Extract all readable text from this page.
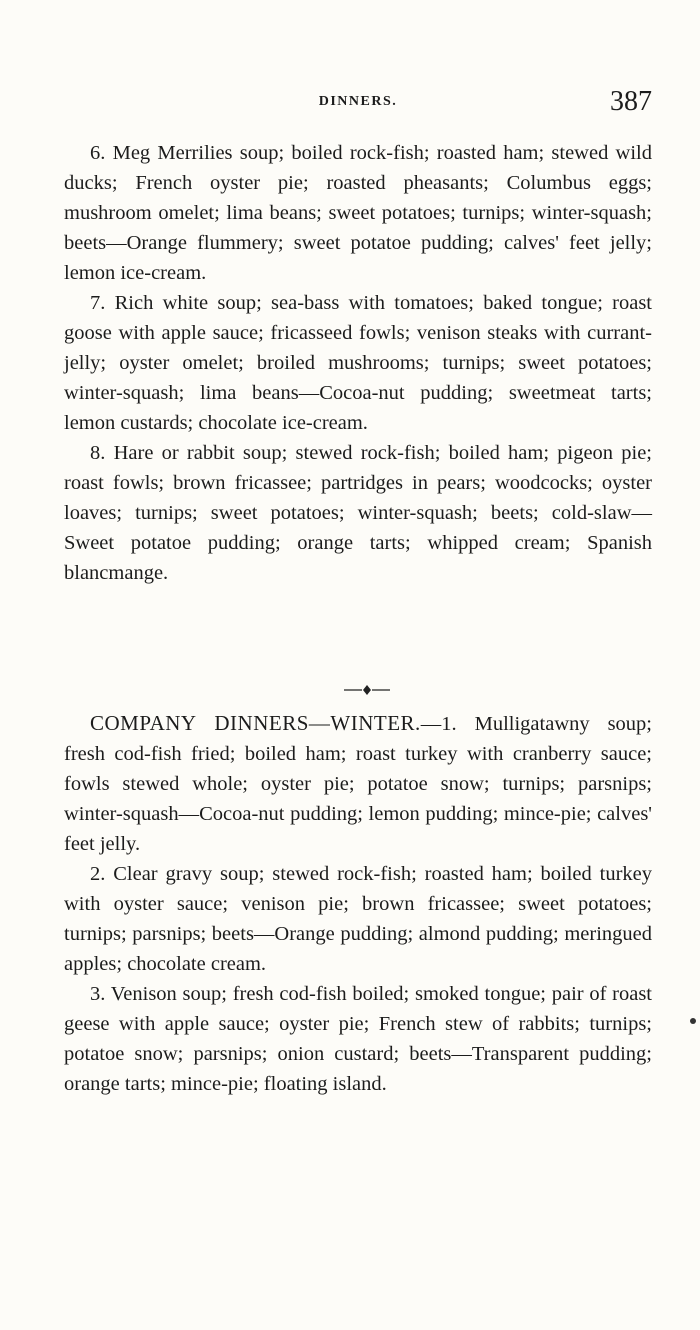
DINNERS.	387

6. Meg Merrilies soup; boiled rock-fish; roasted ham; stewed wild ducks; French oyster pie; roasted pheasants; Columbus eggs; mushroom omelet; lima beans; sweet potatoes; turnips; winter-squash; beets—Orange flummery; sweet potatoe pudding; calves' feet jelly; lemon ice-cream.

7. Rich white soup; sea-bass with tomatoes; baked tongue; roast goose with apple sauce; fricasseed fowls; venison steaks with currant-jelly; oyster omelet; broiled mushrooms; turnips; sweet potatoes; winter-squash; lima beans—Cocoa-nut pudding; sweetmeat tarts; lemon custards; chocolate ice-cream.

8. Hare or rabbit soup; stewed rock-fish; boiled ham; pigeon pie; roast fowls; brown fricassee; partridges in pears; woodcocks; oyster loaves; turnips; sweet potatoes; winter-squash; beets; cold-slaw—Sweet potatoe pudding; orange tarts; whipped cream; Spanish blancmange.

COMPANY DINNERS—WINTER.—1. Mulligatawny soup; fresh cod-fish fried; boiled ham; roast turkey with cranberry sauce; fowls stewed whole; oyster pie; potatoe snow; turnips; parsnips; winter-squash—Cocoa-nut pudding; lemon pudding; mince-pie; calves' feet jelly.

2. Clear gravy soup; stewed rock-fish; roasted ham; boiled turkey with oyster sauce; venison pie; brown fricassee; sweet potatoes; turnips; parsnips; beets—Orange pudding; almond pudding; meringued apples; chocolate cream.

3. Venison soup; fresh cod-fish boiled; smoked tongue; pair of roast geese with apple sauce; oyster pie; French stew of rabbits; turnips; potatoe snow; parsnips; onion custard; beets—Transparent pudding; orange tarts; mince-pie; floating island.
